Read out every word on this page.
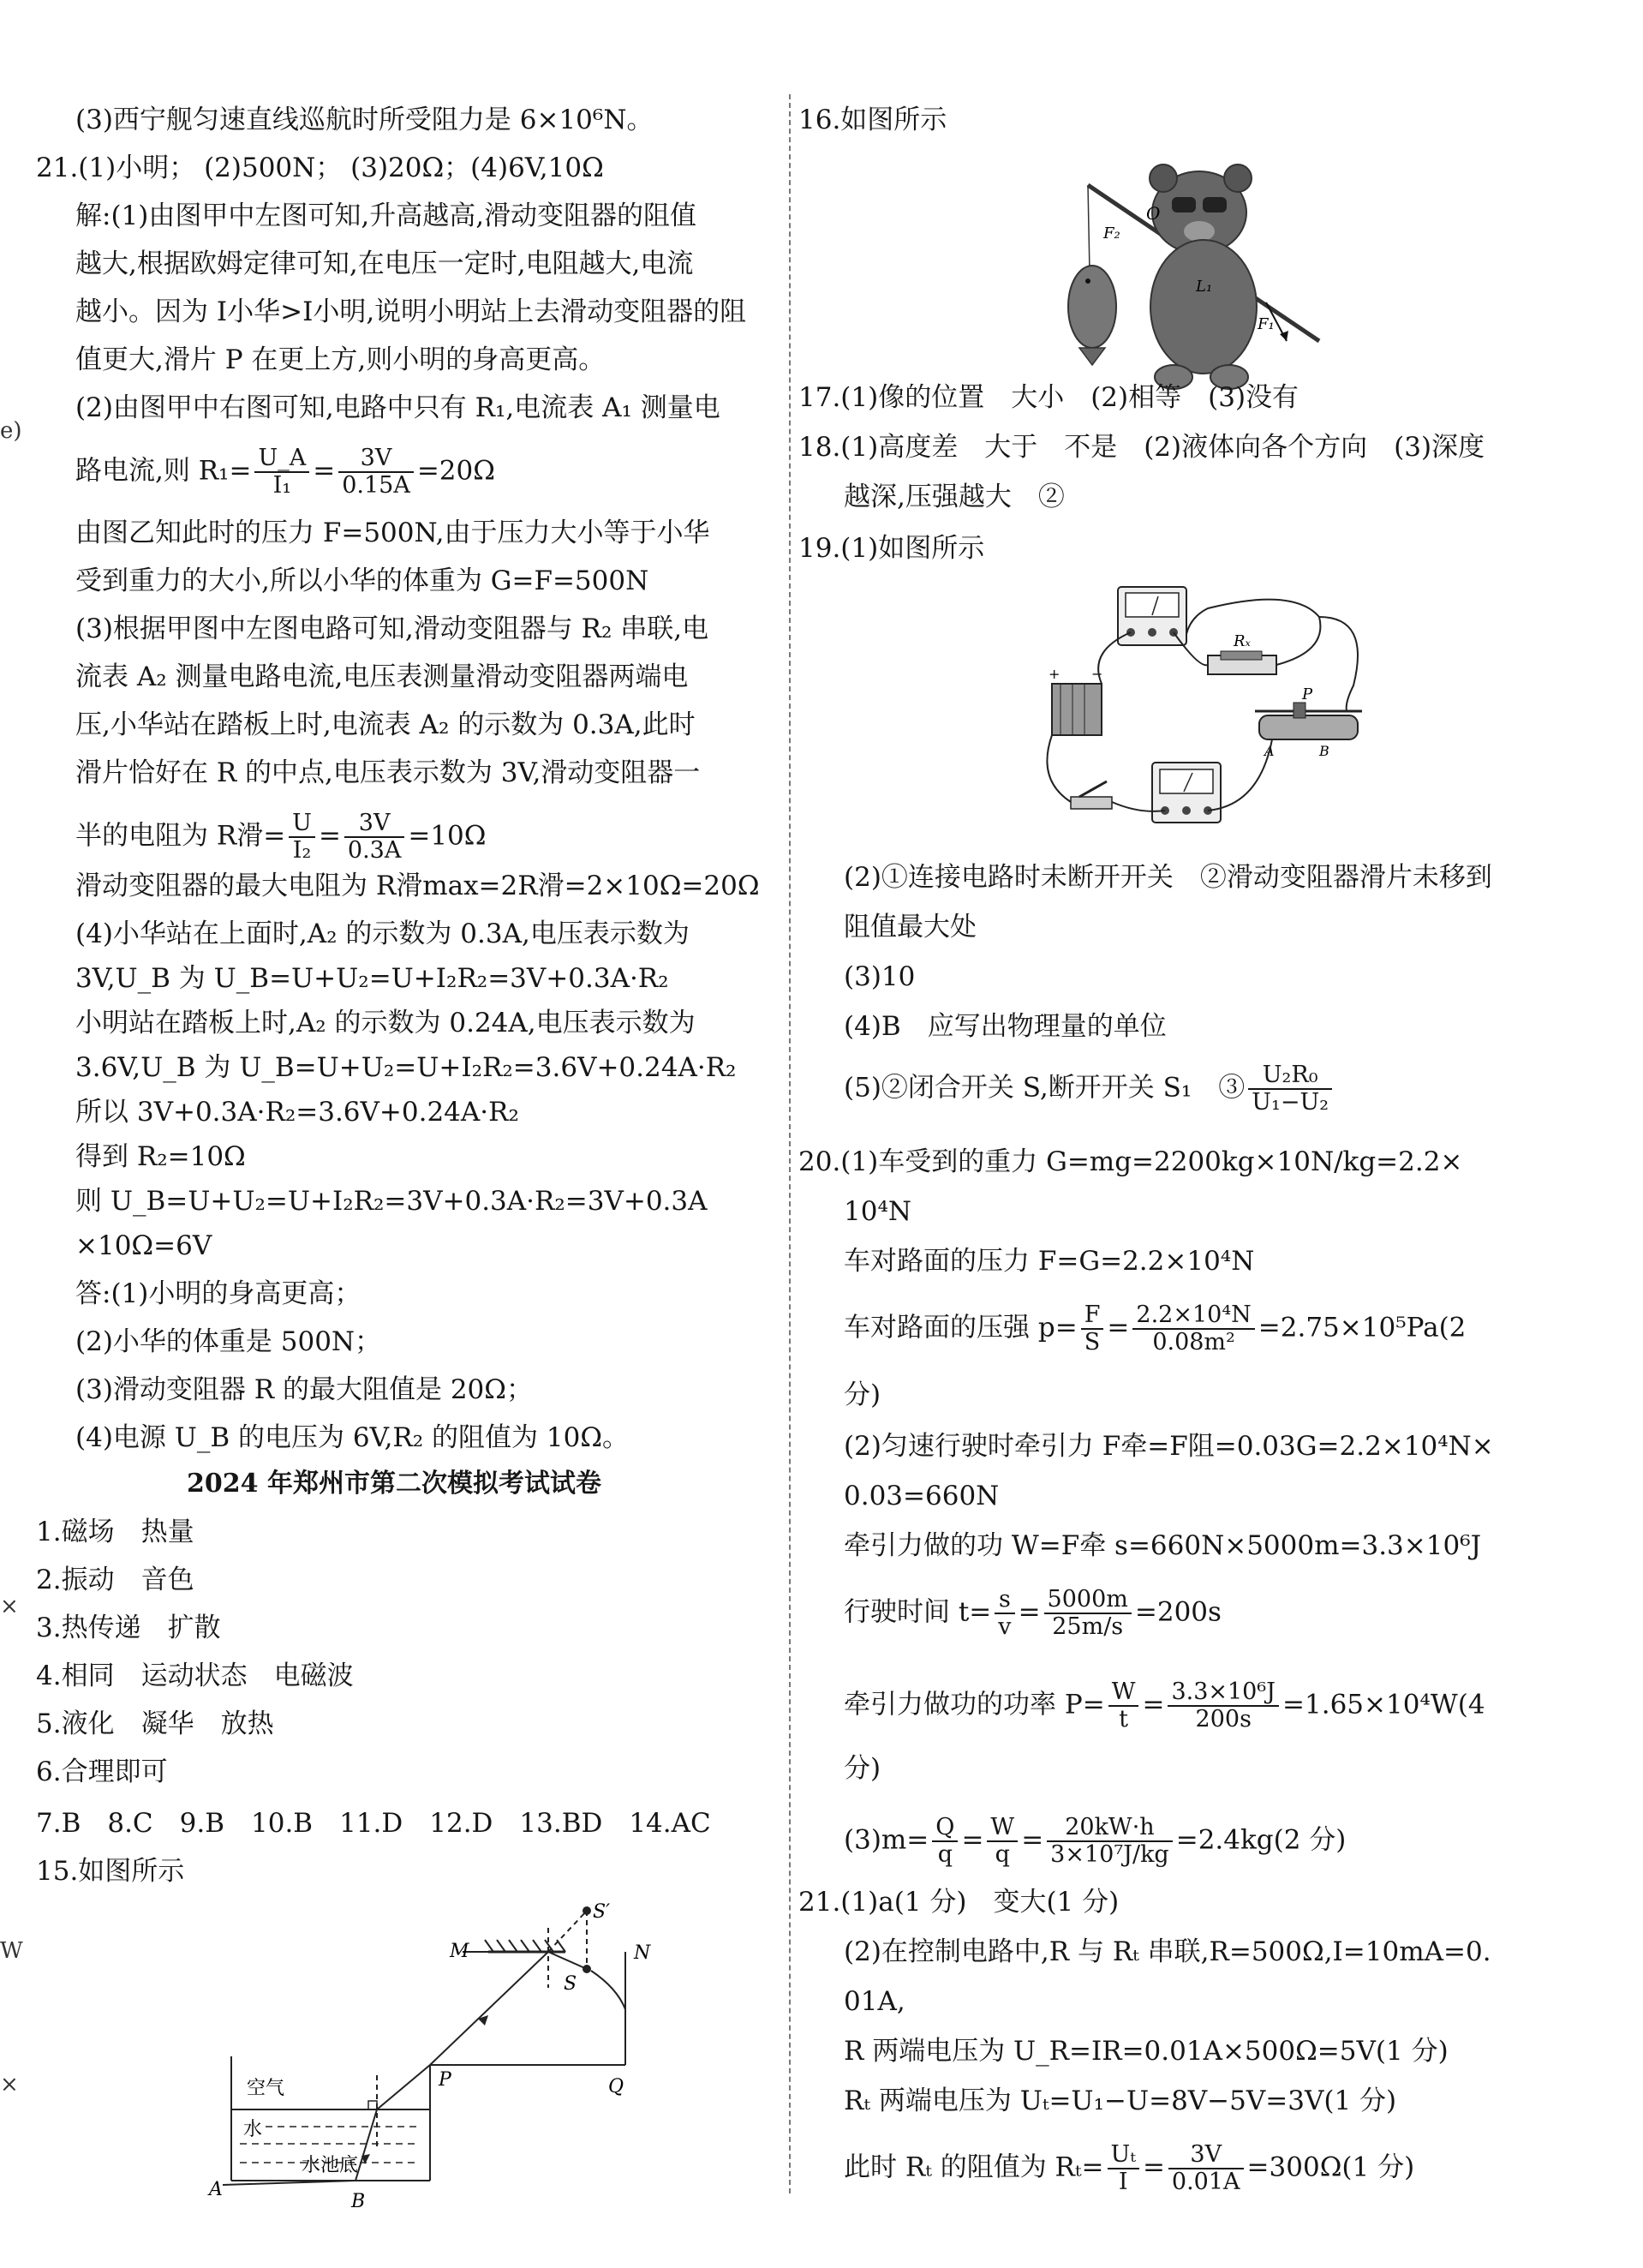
e)
×
W
×
(3)西宁舰匀速直线巡航时所受阻力是 6×10⁶N。
21.(1)小明； (2)500N； (3)20Ω；(4)6V,10Ω
解:(1)由图甲中左图可知,升高越高,滑动变阻器的阻值
越大,根据欧姆定律可知,在电压一定时,电阻越大,电流
越小。因为 I小华>I小明,说明小明站上去滑动变阻器的阻
值更大,滑片 P 在更上方,则小明的身高更高。
(2)由图甲中右图可知,电路中只有 R₁,电流表 A₁ 测量电
路电流,则 $R_1= \frac{U\_A}{\text{I₁}} = \frac{3V}{0.15A} =20\Omega$
由图乙知此时的压力 F=500N,由于压力大小等于小华
受到重力的大小,所以小华的体重为 G=F=500N
(3)根据甲图中左图电路可知,滑动变阻器与 R₂ 串联,电
流表 A₂ 测量电路电流,电压表测量滑动变阻器两端电
压,小华站在踏板上时,电流表 A₂ 的示数为 0.3A,此时
滑片恰好在 R 的中点,电压表示数为 3V,滑动变阻器一
半的电阻为 R滑= $\frac{U}{\text{I₂}} = \frac{3V}{0.3A} =10\Omega$
滑动变阻器的最大电阻为 R滑max=2R滑=2×10Ω=20Ω
(4)小华站在上面时,A₂ 的示数为 0.3A,电压表示数为
3V,U_B 为 U_B=U+U₂=U+I₂R₂=3V+0.3A·R₂
小明站在踏板上时,A₂ 的示数为 0.24A,电压表示数为
3.6V,U_B 为 U_B=U+U₂=U+I₂R₂=3.6V+0.24A·R₂
所以 3V+0.3A·R₂=3.6V+0.24A·R₂
得到 R₂=10Ω
则 U_B=U+U₂=U+I₂R₂=3V+0.3A·R₂=3V+0.3A
×10Ω=6V
答:(1)小明的身高更高；
(2)小华的体重是 500N；
(3)滑动变阻器 R 的最大阻值是 20Ω；
(4)电源 U_B 的电压为 6V,R₂ 的阻值为 10Ω。
2024 年郑州市第二次模拟考试试卷
1.磁场　热量
2.振动　音色
3.热传递　扩散
4.相同　运动状态　电磁波
5.液化　凝华　放热
6.合理即可
7.B　8.C　9.B　10.B　11.D　12.D　13.BD　14.AC
15.如图所示
M	N
S′
S
P	Q
空气
水
水池底
A
B
16.如图所示
O
F₂
L₁
F₁
17.(1)像的位置　大小　(2)相等　(3)没有
18.(1)高度差　大于　不是　(2)液体向各个方向　(3)深度
越深,压强越大　②
19.(1)如图所示
Rₓ
+ −
P
A	B
(2)①连接电路时未断开开关　②滑动变阻器滑片未移到
阻值最大处
(3)10
(4)B　应写出物理量的单位
(5)②闭合开关 S,断开开关 S₁　③ $\frac{\text{U₂R₀}}{\text{U₁−U₂}}$
20.(1)车受到的重力 G=mg=2200kg×10N/kg=2.2×
10⁴N
车对路面的压力 F=G=2.2×10⁴N
车对路面的压强 $p= \frac{F}{S} = \frac{\text{2.2×10⁴N}}{\text{0.08m²}} =2.75\times 10^5Pa(2$
分)
(2)匀速行驶时牵引力 F牵=F阻=0.03G=2.2×10⁴N×
0.03=660N
牵引力做的功 W=F牵 s=660N×5000m=3.3×10⁶J
行驶时间 $t= \frac{s}{v} = \frac{5000m}{25m/s} =200s$
牵引力做功的功率 $P= \frac{W}{t} = \frac{\text{3.3×10⁶J}}{200s} =1.65\times 10^4W(4$
分)
$(3)m= \frac{Q}{q} = \frac{W}{q} = \frac{20kW\cdot h}{\text{3×10⁷J/kg}} =2.4kg(2$ 分)
21.(1)a(1 分)　变大(1 分)
(2)在控制电路中,R 与 Rₜ 串联,R=500Ω,I=10mA=0.
01A,
R 两端电压为 U_R=IR=0.01A×500Ω=5V(1 分)
Rₜ 两端电压为 Uₜ=U₁−U=8V−5V=3V(1 分)
此时 Rₜ 的阻值为 $R_t= \frac{\text{Uₜ}}{I} = \frac{3V}{0.01A} =300\Omega(1$ 分)
